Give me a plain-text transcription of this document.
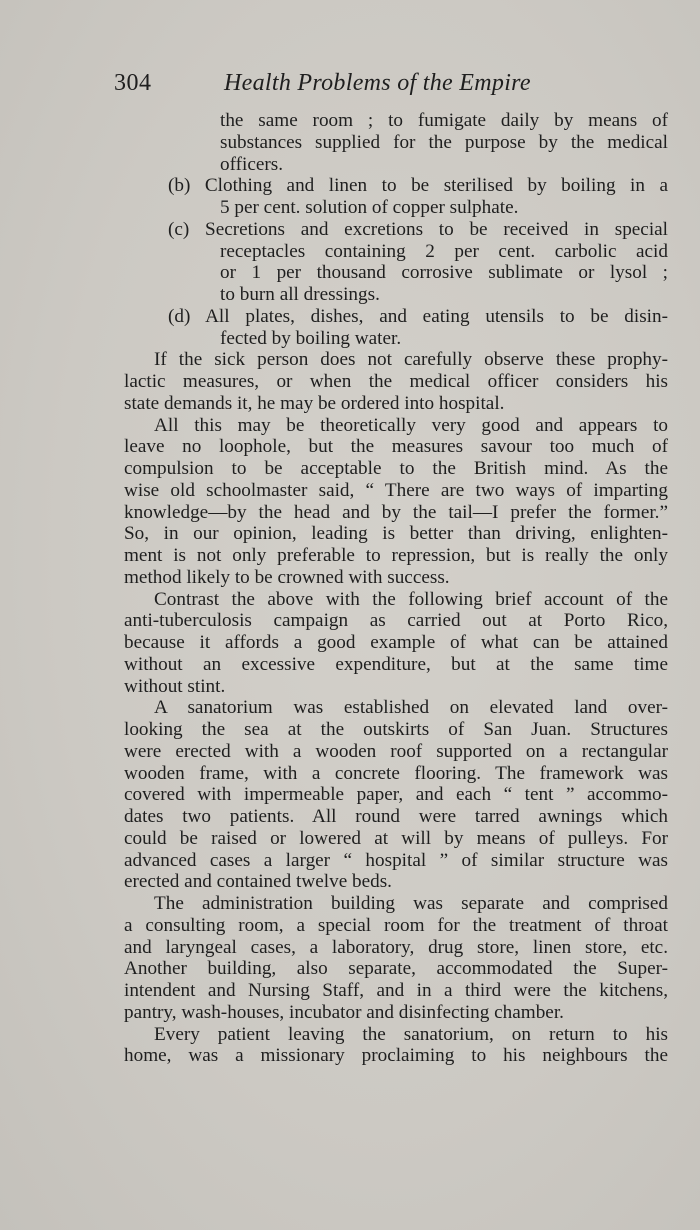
304	Health Problems of the Empire
the same room ; to fumigate daily by means of
substances supplied for the purpose by the medical
officers.
(b) Clothing and linen to be sterilised by boiling in a
5 per cent. solution of copper sulphate.
(c) Secretions and excretions to be received in special
receptacles containing 2 per cent. carbolic acid
or 1 per thousand corrosive sublimate or lysol ;
to burn all dressings.
(d) All plates, dishes, and eating utensils to be disin-
fected by boiling water.
If the sick person does not carefully observe these prophy-
lactic measures, or when the medical officer considers his
state demands it, he may be ordered into hospital.
All this may be theoretically very good and appears to
leave no loophole, but the measures savour too much of
compulsion to be acceptable to the British mind. As the
wise old schoolmaster said, “ There are two ways of imparting
knowledge—by the head and by the tail—I prefer the former.”
So, in our opinion, leading is better than driving, enlighten-
ment is not only preferable to repression, but is really the only
method likely to be crowned with success.
Contrast the above with the following brief account of the
anti-tuberculosis campaign as carried out at Porto Rico,
because it affords a good example of what can be attained
without an excessive expenditure, but at the same time
without stint.
A sanatorium was established on elevated land over-
looking the sea at the outskirts of San Juan. Structures
were erected with a wooden roof supported on a rectangular
wooden frame, with a concrete flooring. The framework was
covered with impermeable paper, and each “ tent ” accommo-
dates two patients. All round were tarred awnings which
could be raised or lowered at will by means of pulleys. For
advanced cases a larger “ hospital ” of similar structure was
erected and contained twelve beds.
The administration building was separate and comprised
a consulting room, a special room for the treatment of throat
and laryngeal cases, a laboratory, drug store, linen store, etc.
Another building, also separate, accommodated the Super-
intendent and Nursing Staff, and in a third were the kitchens,
pantry, wash-houses, incubator and disinfecting chamber.
Every patient leaving the sanatorium, on return to his
home, was a missionary proclaiming to his neighbours the
